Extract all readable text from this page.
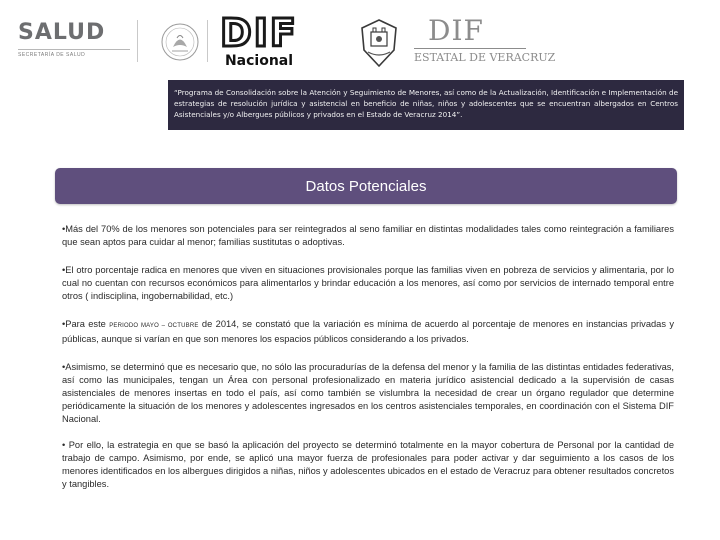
SALUD
SECRETARÍA DE SALUD	DIF
Nacional
DIF
ESTATAL DE VERACRUZ

“Programa de Consolidación sobre la Atención y Seguimiento de Menores, así como de la Actualización, Identificación e Implementación de estrategias de resolución jurídica y asistencial en beneficio de niñas, niños y adolescentes que se encuentran albergados en Centros Asistenciales y/o Albergues públicos y privados en el Estado de Veracruz 2014”.

Datos Potenciales

•Más del 70% de los menores son potenciales para ser reintegrados al seno familiar en distintas modalidades tales como reintegración a familiares que sean aptos para cuidar al menor; familias sustitutas o adoptivas.

•El otro porcentaje radica en menores que viven en situaciones provisionales porque las familias viven en pobreza de servicios y alimentaria, por lo cual no cuentan con recursos económicos para alimentarlos y brindar educación a los menores, así como por servicios de internado temporal entre otros ( indisciplina, ingobernabilidad, etc.)

•Para este PERIODO MAYO – OCTUBRE de 2014, se constató que la variación es mínima de acuerdo al porcentaje de menores en instancias privadas y públicas, aunque si varían en que son menores los espacios públicos considerando a los privados.

•Asimismo, se determinó que es necesario que, no sólo las procuradurías de la defensa del menor y la familia de las distintas entidades federativas, así como las municipales, tengan un Área con personal profesionalizado en materia jurídico asistencial dedicado a la supervisión de casas asistenciales de menores insertas en todo el país, así como también se vislumbra la necesidad de crear un órgano regulador que determine periódicamente la situación de los menores y adolescentes ingresados en los centros asistenciales temporales, en coordinación con el Sistema DIF Nacional.

• Por ello, la estrategia en que se basó la aplicación del proyecto se determinó totalmente en la mayor cobertura de Personal por la cantidad de trabajo de campo. Asimismo, por ende, se aplicó una mayor fuerza de profesionales para poder activar y dar seguimiento a los casos de los menores identificados en los albergues dirigidos a niñas, niños y adolescentes ubicados en el estado de Veracruz para obtener resultados concretos y tangibles.
